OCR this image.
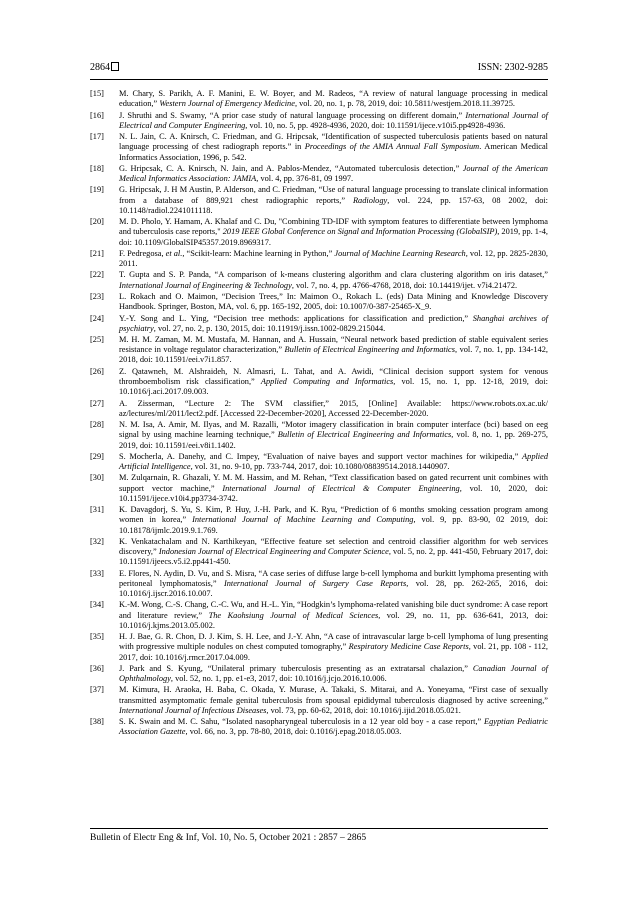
2864	ISSN: 2302-9285
[15] M. Chary, S. Parikh, A. F. Manini, E. W. Boyer, and M. Radeos, “A review of natural language processing in medical education,” Western Journal of Emergency Medicine, vol. 20, no. 1, p. 78, 2019, doi: 10.5811/westjem.2018.11.39725.
[16] J. Shruthi and S. Swamy, “A prior case study of natural language processing on different domain,” International Journal of Electrical and Computer Engineering, vol. 10, no. 5, pp. 4928-4936, 2020, doi: 10.11591/ijece.v10i5.pp4928-4936.
[17] N. L. Jain, C. A. Knirsch, C. Friedman, and G. Hripcsak, “Identification of suspected tuberculosis patients based on natural language processing of chest radiograph reports.” in Proceedings of the AMIA Annual Fall Symposium. American Medical Informatics Association, 1996, p. 542.
[18] G. Hripcsak, C. A. Knirsch, N. Jain, and A. Pablos-Mendez, “Automated tuberculosis detection,” Journal of the American Medical Informatics Association: JAMIA, vol. 4, pp. 376-81, 09 1997.
[19] G. Hripcsak, J. H M Austin, P. Alderson, and C. Friedman, “Use of natural language processing to translate clinical information from a database of 889,921 chest radiographic reports,” Radiology, vol. 224, pp. 157-63, 08 2002, doi: 10.1148/radiol.2241011118.
[20] M. D. Pholo, Y. Hamam, A. Khalaf and C. Du, "Combining TD-IDF with symptom features to differentiate between lymphoma and tuberculosis case reports," 2019 IEEE Global Conference on Signal and Information Processing (GlobalSIP), 2019, pp. 1-4, doi: 10.1109/GlobalSIP45357.2019.8969317.
[21] F. Pedregosa, et al., “Scikit-learn: Machine learning in Python,” Journal of Machine Learning Research, vol. 12, pp. 2825-2830, 2011.
[22] T. Gupta and S. P. Panda, “A comparison of k-means clustering algorithm and clara clustering algorithm on iris dataset,” International Journal of Engineering & Technology, vol. 7, no. 4, pp. 4766-4768, 2018, doi: 10.14419/ijet. v7i4.21472.
[23] L. Rokach and O. Maimon, “Decision Trees,” In: Maimon O., Rokach L. (eds) Data Mining and Knowledge Discovery Handbook. Springer, Boston, MA, vol. 6, pp. 165-192, 2005, doi: 10.1007/0-387-25465-X_9.
[24] Y.-Y. Song and L. Ying, “Decision tree methods: applications for classification and prediction,” Shanghai archives of psychiatry, vol. 27, no. 2, p. 130, 2015, doi: 10.11919/j.issn.1002-0829.215044.
[25] M. H. M. Zaman, M. M. Mustafa, M. Hannan, and A. Hussain, “Neural network based prediction of stable equivalent series resistance in voltage regulator characterization,” Bulletin of Electrical Engineering and Informatics, vol. 7, no. 1, pp. 134-142, 2018, doi: 10.11591/eei.v7i1.857.
[26] Z. Qatawneh, M. Alshraideh, N. Almasri, L. Tahat, and A. Awidi, “Clinical decision support system for venous thromboembolism risk classification,” Applied Computing and Informatics, vol. 15, no. 1, pp. 12-18, 2019, doi: 10.1016/j.aci.2017.09.003.
[27] A. Zisserman, “Lecture 2: The SVM classifier,” 2015, [Online] Available: https://www.robots.ox.ac.uk/ az/lectures/ml/2011/lect2.pdf. [Accessed 22-December-2020], Accessed 22-December-2020.
[28] N. M. Isa, A. Amir, M. Ilyas, and M. Razalli, “Motor imagery classification in brain computer interface (bci) based on eeg signal by using machine learning technique,” Bulletin of Electrical Engineering and Informatics, vol. 8, no. 1, pp. 269-275, 2019, doi: 10.11591/eei.v8i1.1402.
[29] S. Mocherla, A. Danehy, and C. Impey, “Evaluation of naive bayes and support vector machines for wikipedia,” Applied Artificial Intelligence, vol. 31, no. 9-10, pp. 733-744, 2017, doi: 10.1080/08839514.2018.1440907.
[30] M. Zulqarnain, R. Ghazali, Y. M. M. Hassim, and M. Rehan, “Text classification based on gated recurrent unit combines with support vector machine,” International Journal of Electrical & Computer Engineering, vol. 10, 2020, doi: 10.11591/ijece.v10i4.pp3734-3742.
[31] K. Davagdorj, S. Yu, S. Kim, P. Huy, J.-H. Park, and K. Ryu, “Prediction of 6 months smoking cessation program among women in korea,” International Journal of Machine Learning and Computing, vol. 9, pp. 83-90, 02 2019, doi: 10.18178/ijmlc.2019.9.1.769.
[32] K. Venkatachalam and N. Karthikeyan, “Effective feature set selection and centroid classifier algorithm for web services discovery,” Indonesian Journal of Electrical Engineering and Computer Science, vol. 5, no. 2, pp. 441-450, February 2017, doi: 10.11591/ijeecs.v5.i2.pp441-450.
[33] E. Flores, N. Aydin, D. Vu, and S. Misra, “A case series of diffuse large b-cell lymphoma and burkitt lymphoma presenting with peritoneal lymphomatosis,” International Journal of Surgery Case Reports, vol. 28, pp. 262-265, 2016, doi: 10.1016/j.ijscr.2016.10.007.
[34] K.-M. Wong, C.-S. Chang, C.-C. Wu, and H.-L. Yin, “Hodgkin’s lymphoma-related vanishing bile duct syndrome: A case report and literature review,” The Kaohsiung Journal of Medical Sciences, vol. 29, no. 11, pp. 636-641, 2013, doi: 10.1016/j.kjms.2013.05.002.
[35] H. J. Bae, G. R. Chon, D. J. Kim, S. H. Lee, and J.-Y. Ahn, “A case of intravascular large b-cell lymphoma of lung presenting with progressive multiple nodules on chest computed tomography,” Respiratory Medicine Case Reports, vol. 21, pp. 108 - 112, 2017, doi: 10.1016/j.rmcr.2017.04.009.
[36] J. Park and S. Kyung, “Unilateral primary tuberculosis presenting as an extratarsal chalazion,” Canadian Journal of Ophthalmology, vol. 52, no. 1, pp. e1-e3, 2017, doi: 10.1016/j.jcjo.2016.10.006.
[37] M. Kimura, H. Araoka, H. Baba, C. Okada, Y. Murase, A. Takaki, S. Mitarai, and A. Yoneyama, “First case of sexually transmitted asymptomatic female genital tuberculosis from spousal epididymal tuberculosis diagnosed by active screening,” International Journal of Infectious Diseases, vol. 73, pp. 60-62, 2018, doi: 10.1016/j.ijid.2018.05.021.
[38] S. K. Swain and M. C. Sahu, “Isolated nasopharyngeal tuberculosis in a 12 year old boy - a case report,” Egyptian Pediatric Association Gazette, vol. 66, no. 3, pp. 78-80, 2018, doi: 0.1016/j.epag.2018.05.003.
Bulletin of Electr Eng & Inf, Vol. 10, No. 5, October 2021 : 2857 – 2865
